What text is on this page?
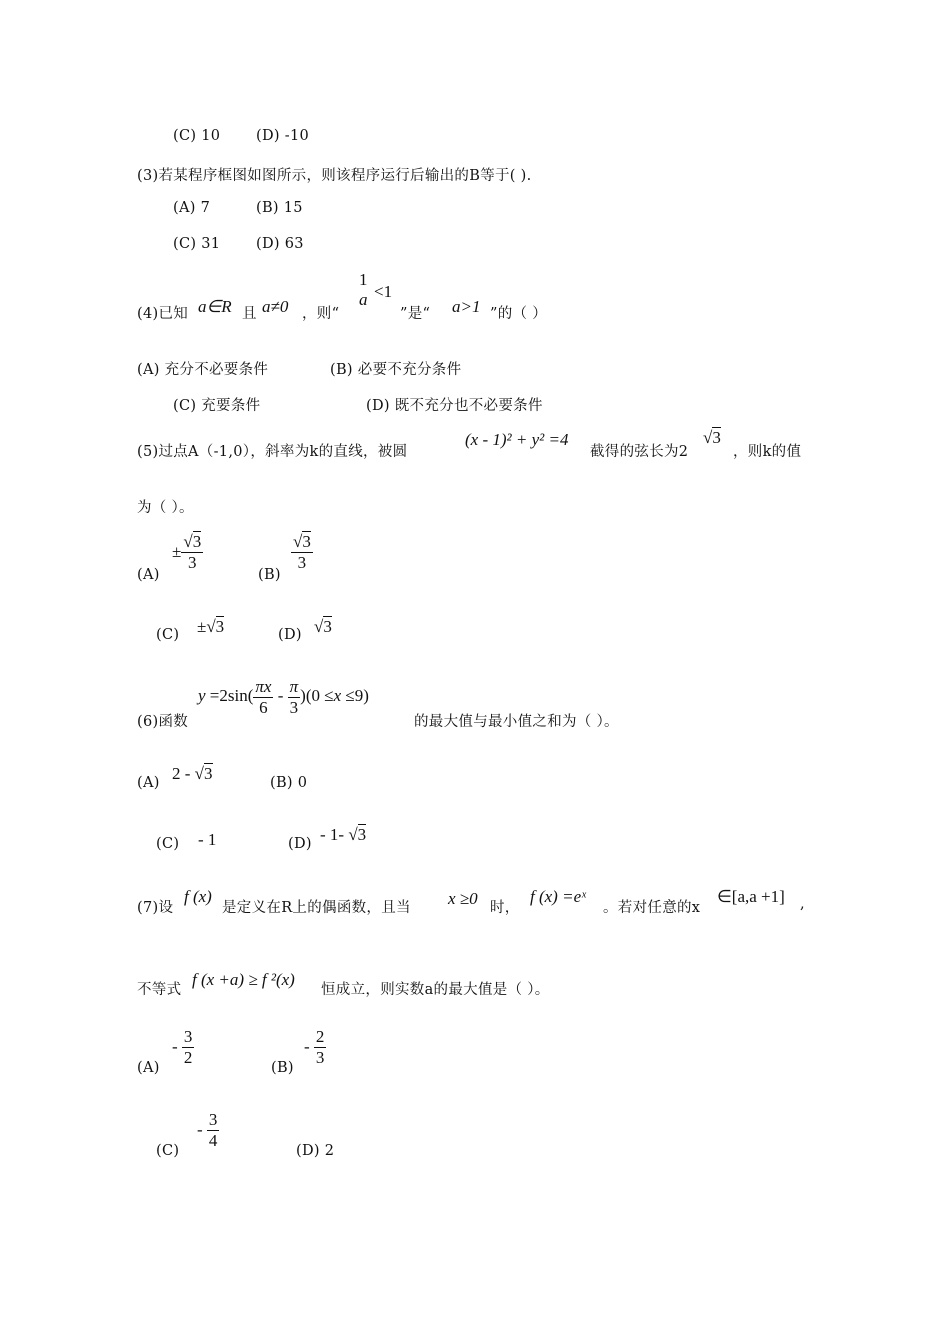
(C) 10 (D) -10
(3)若某程序框图如图所示，则该程序运行后输出的B等于( ).
(A) 7	(B) 15
(C) 31 (D) 63
(4)已知 a∈R 且 a≠0 ，则“
1
a <1
”是“ a>1 ”的（ ）
(A) 充分不必要条件	(B) 必要不充分条件
(C) 充要条件	(D) 既不充分也不必要条件
(5)过点A（-1,0），斜率为k的直线，被圆
(x - 1)² + y² =4
截得的弦长为2
√3
，则k的值
为（ ）。
(A)
± $\frac{√3}{3}$
(B)
$\frac{√3}{3}$
(C) ±√3	(D) √3
(6)函数
$y =2\sin( \frac{\pi x}{6} - \frac{\pi}{3} )(0 \le x \le 9)$
的最大值与最小值之和为（ ）。
(A) 2 - √3	(B) 0
(C) - 1	(D) - 1- √3
(7)设
f (x)
是定义在R上的偶函数，且当 x ≥0 时，
f (x) =eˣ
。若对任意的x
∈[a,a +1] ,
不等式
f (x +a) ≥ f ²(x)
恒成立，则实数a的最大值是（ ）。
(A)
- $\frac{3}{2}$
(B)
- $\frac{2}{3}$
(C)
- $\frac{3}{4}$
(D) 2
